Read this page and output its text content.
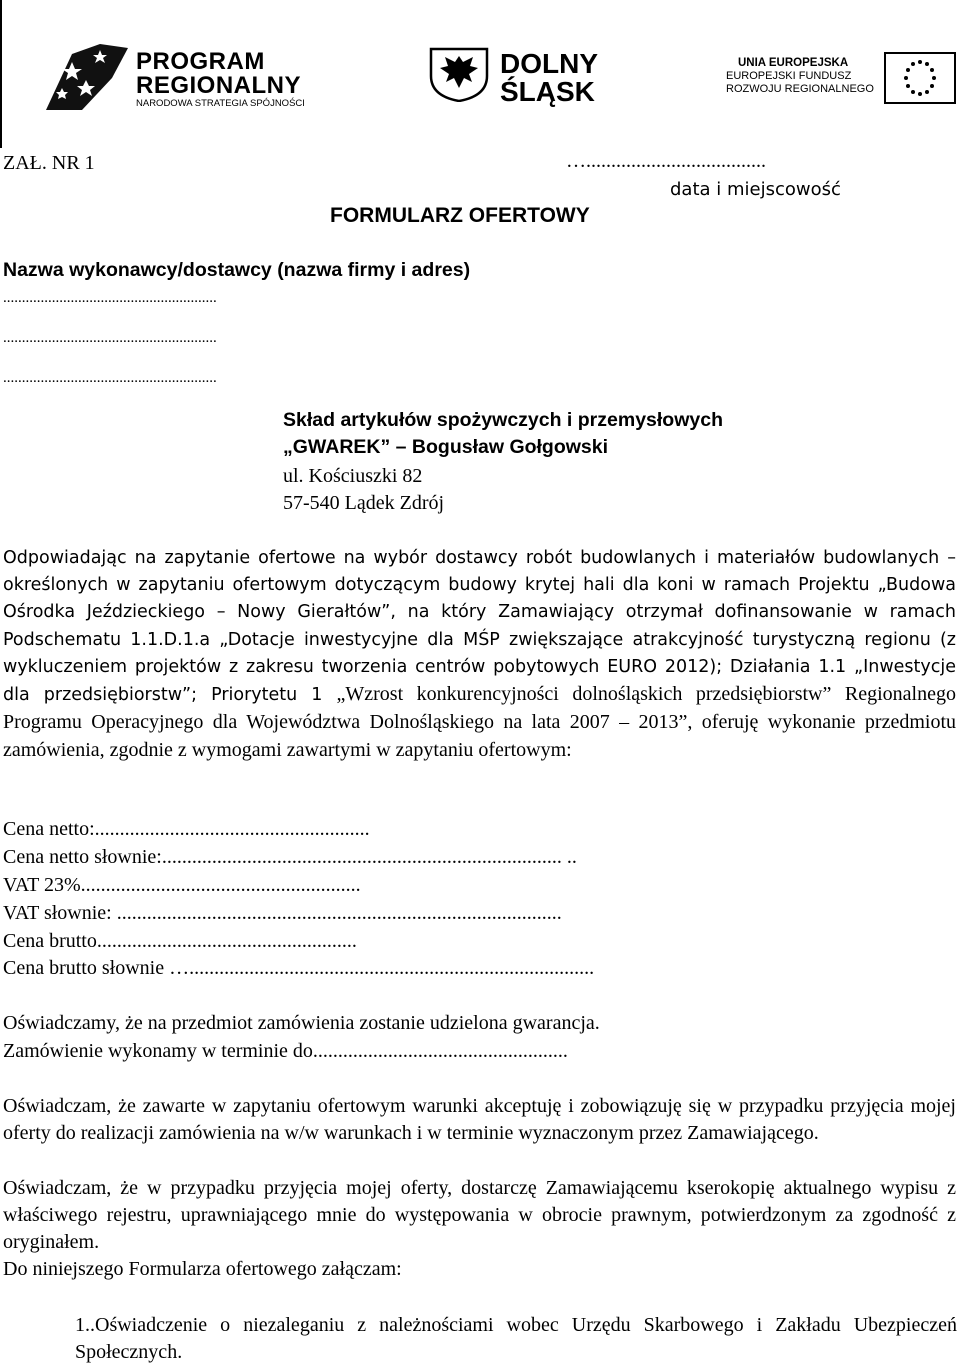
PROGRAM
REGIONALNY
NARODOWA STRATEGIA SPÓJNOŚCI
DOLNY
ŚLĄSK
UNIA EUROPEJSKA
EUROPEJSKI FUNDUSZ
ROZWOJU REGIONALNEGO
ZAŁ. NR 1	…....................................
data i miejscowość
FORMULARZ OFERTOWY
Nazwa wykonawcy/dostawcy (nazwa firmy i adres)
.........................................................
.........................................................
.........................................................
Skład artykułów spożywczych i przemysłowych
„GWAREK” – Bogusław Gołgowski
ul. Kościuszki 82
57-540 Lądek Zdrój
Odpowiadając na zapytanie ofertowe na wybór dostawcy robót budowlanych i materiałów budowlanych – określonych w zapytaniu ofertowym dotyczącym budowy krytej hali dla koni w ramach Projektu „Budowa Ośrodka Jeździeckiego – Nowy Gierałtów”, na który Zamawiający otrzymał dofinansowanie w ramach Podschematu 1.1.D.1.a „Dotacje inwestycyjne dla MŚP zwiększające atrakcyjność turystyczną regionu (z wykluczeniem projektów z zakresu tworzenia centrów pobytowych EURO 2012); Działania 1.1 „Inwestycje dla przedsiębiorstw”; Priorytetu 1 „Wzrost konkurencyjności dolnośląskich przedsiębiorstw” Regionalnego Programu Operacyjnego dla Województwa Dolnośląskiego na lata 2007 – 2013”, oferuję wykonanie przedmiotu zamówienia, zgodnie z wymogami zawartymi w zapytaniu ofertowym:
Cena netto:.......................................................
Cena netto słownie:................................................................................ ..
VAT 23%........................................................
VAT słownie: .........................................................................................
Cena brutto....................................................
Cena brutto słownie ….................................................................................
Oświadczamy, że na przedmiot zamówienia zostanie udzielona gwarancja.
Zamówienie wykonamy w terminie do...................................................
Oświadczam, że zawarte w zapytaniu ofertowym warunki akceptuję i zobowiązuję się w przypadku przyjęcia mojej oferty do realizacji zamówienia na w/w warunkach i w terminie wyznaczonym przez Zamawiającego.
Oświadczam, że w przypadku przyjęcia mojej oferty, dostarczę Zamawiającemu kserokopię aktualnego wypisu z właściwego rejestru, uprawniającego mnie do występowania w obrocie prawnym, potwierdzonym za zgodność z oryginałem.
Do niniejszego Formularza ofertowego załączam:
1..Oświadczenie o niezaleganiu z należnościami wobec Urzędu Skarbowego i Zakładu Ubezpieczeń Społecznych.
